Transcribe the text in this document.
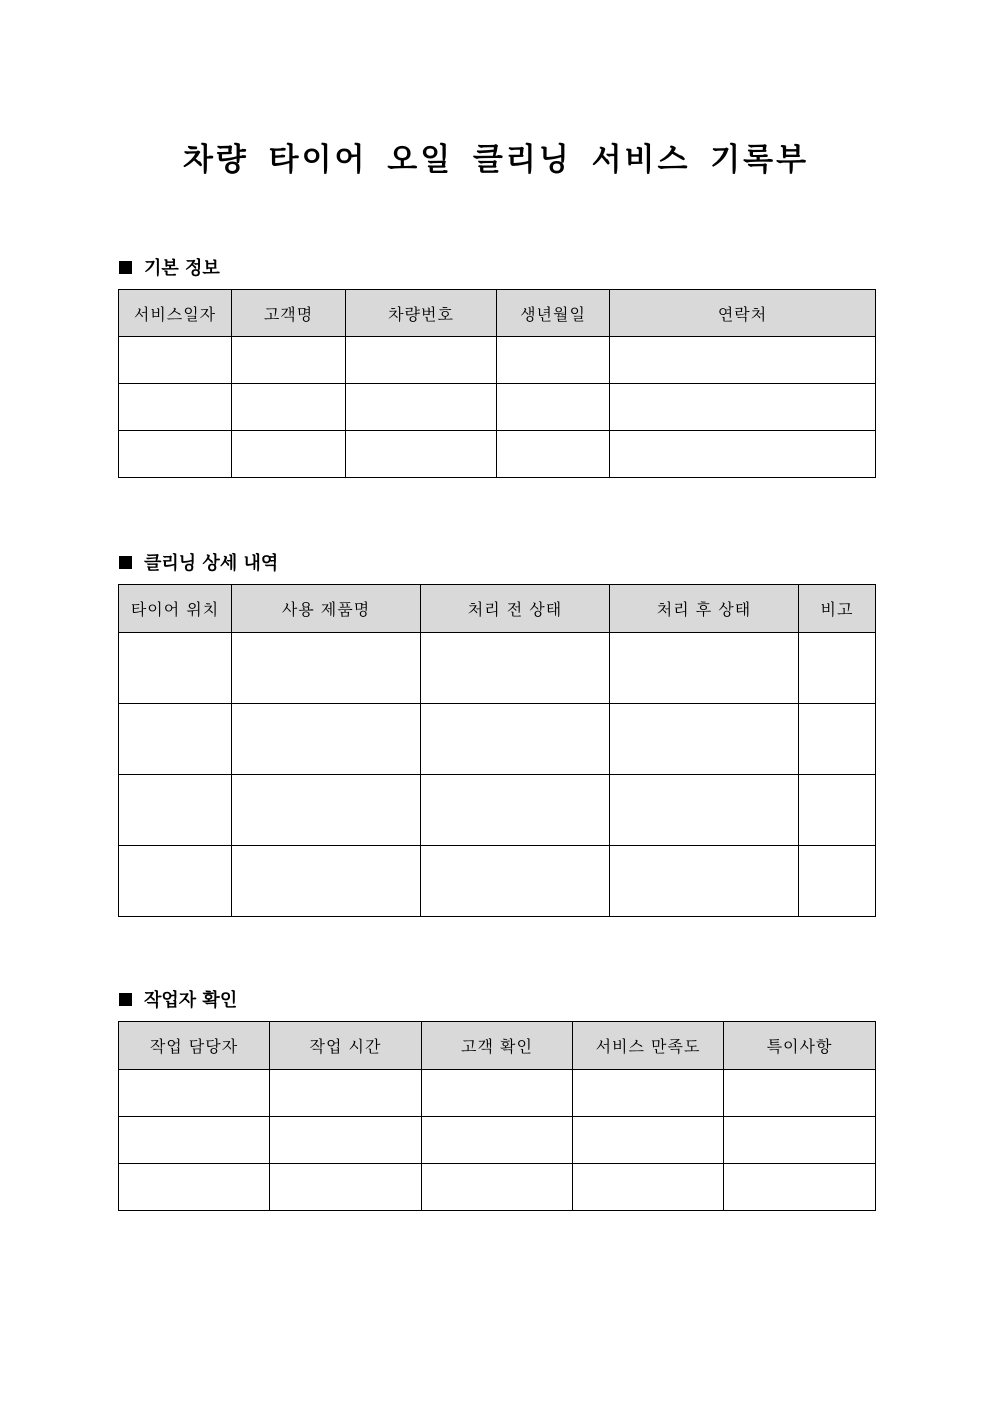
차량 타이어 오일 클리닝 서비스 기록부
기본 정보
서비스일자	고객명	차량번호	생년월일	연락처

클리닝 상세 내역
타이어 위치	사용 제품명	처리 전 상태	처리 후 상태	비고

작업자 확인
작업 담당자	작업 시간	고객 확인	서비스 만족도	특이사항
